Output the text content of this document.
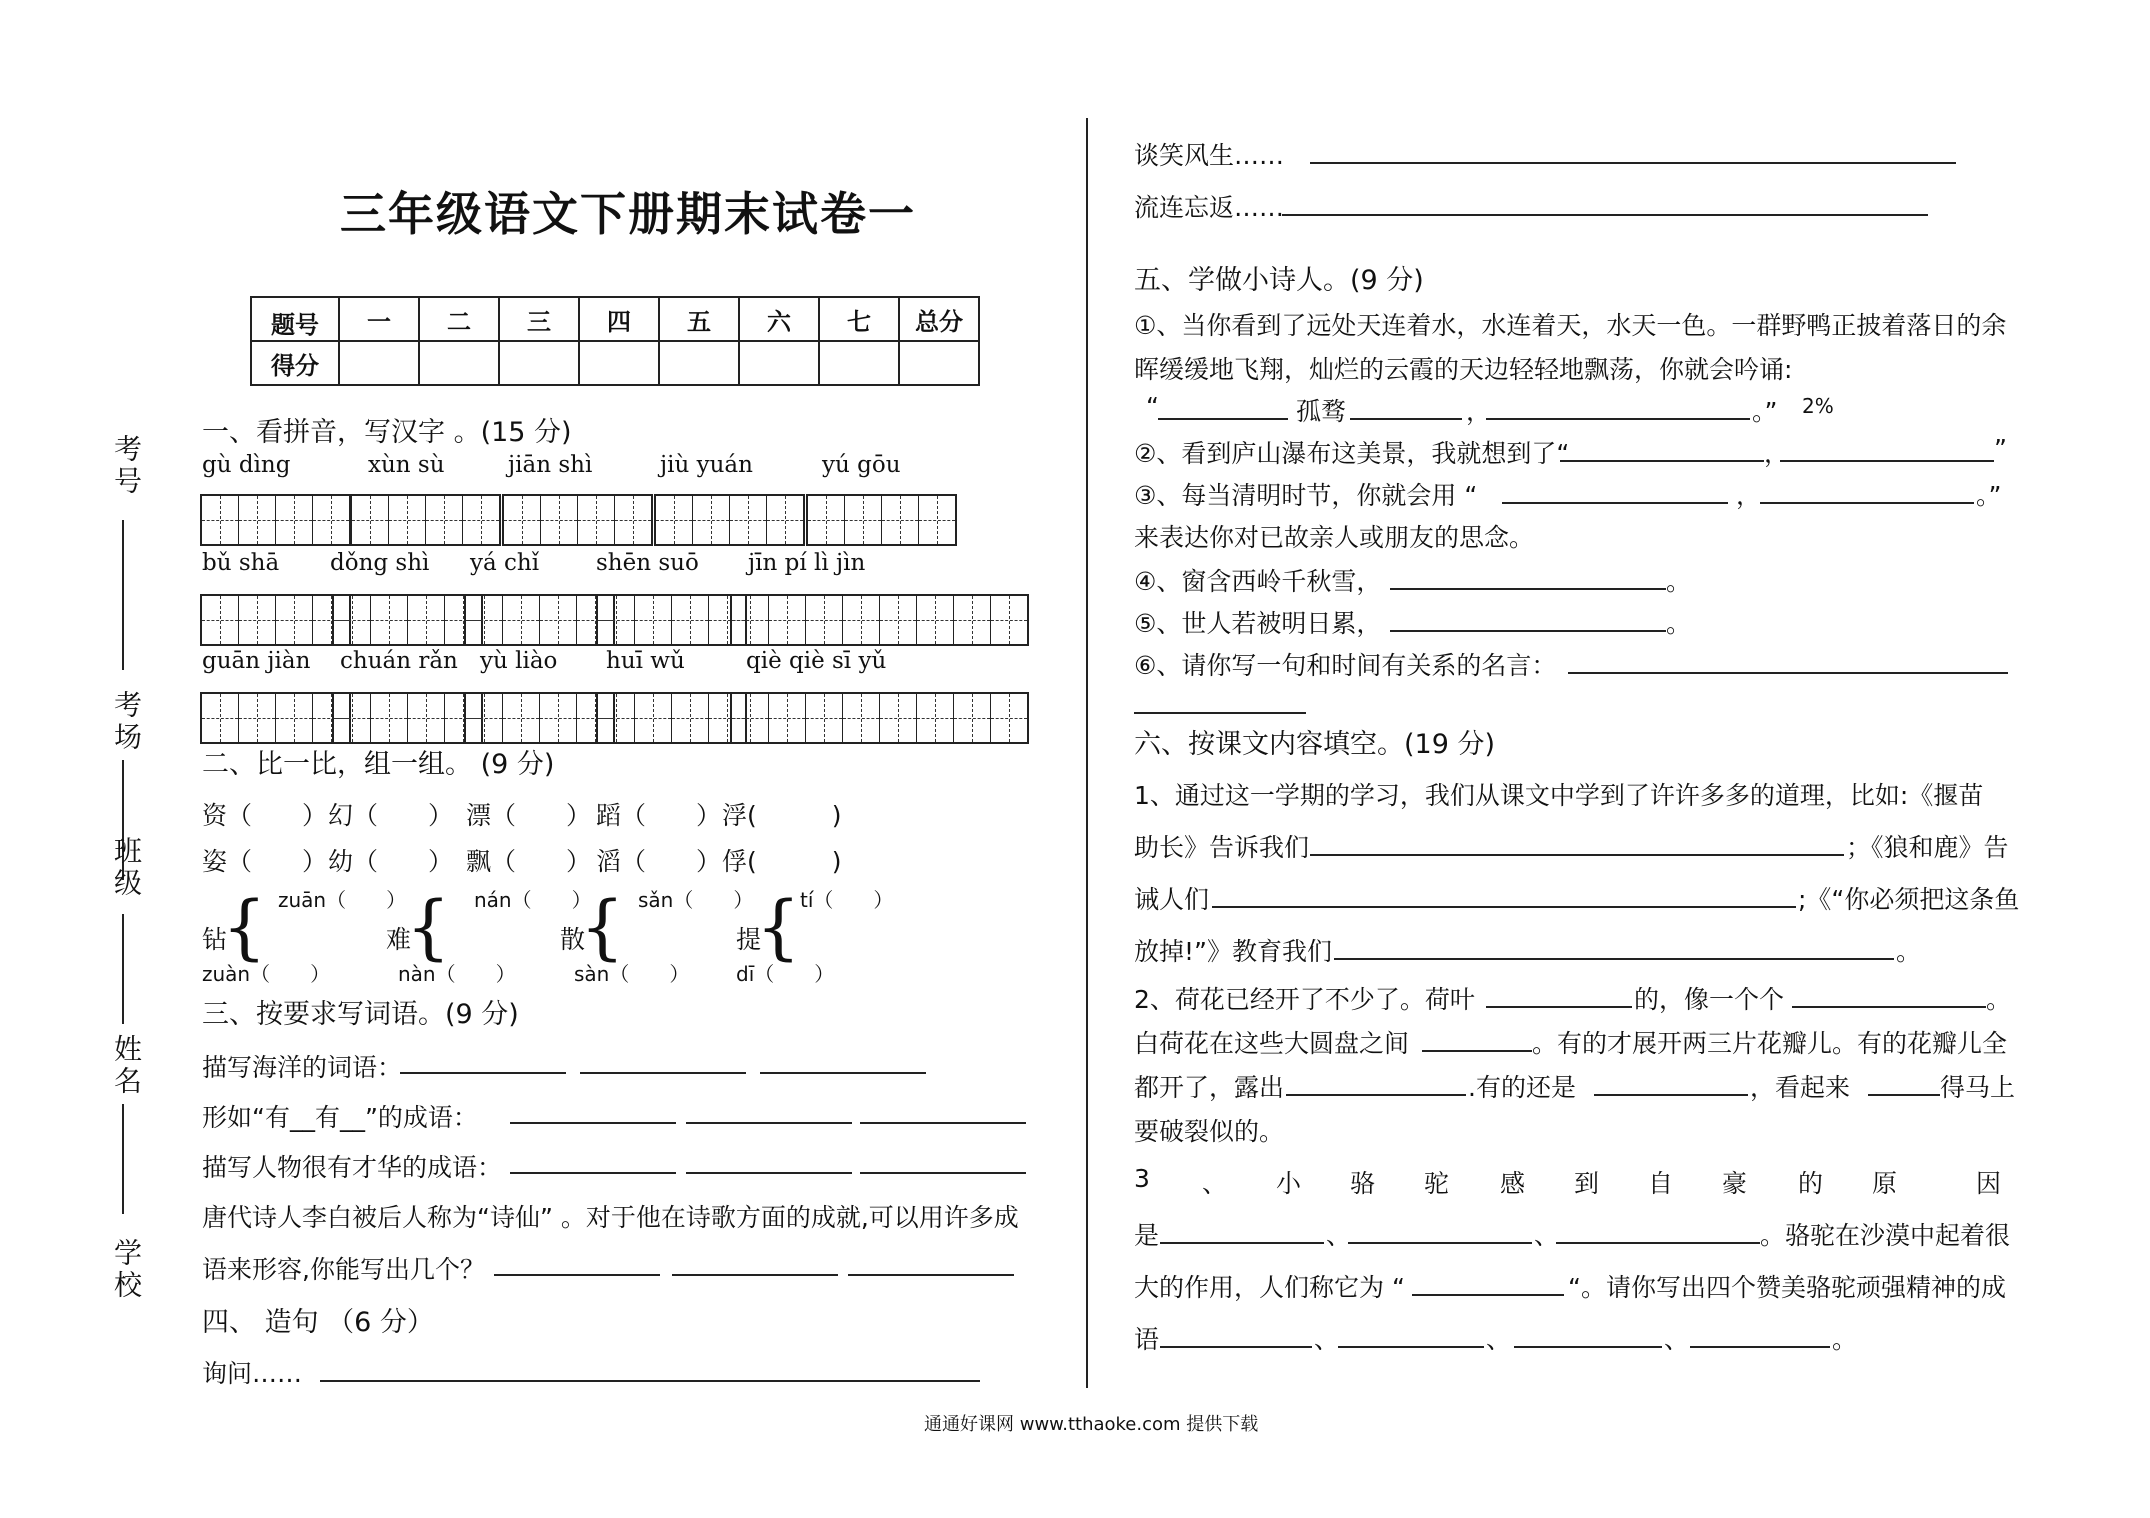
考号
考场
班级
姓名
学校
三年级语文下册期末试卷一
题号	一	二	三	四	五	六	七	总分
得分								
一、看拼音，写汉字 。(15 分)
gù dìng	xùn sù	jiān shì	jiù yuán	yú gōu
bǔ shā dǒng shì yá chǐ shēn suō jīn pí lì jìn
guān jiàn chuán rǎn yù liào huī wǔ	qiè qiè sī yǔ
二、比一比，组一组。 (9 分)
资（　　） 幻（　　） 漂（　　） 蹈（　　） 浮(　　　)
姿（　　） 幼（　　） 飘（　　） 滔（　　） 俘(　　　)
钻
{ zuān（　　）
zuàn（　　）
难
{ nán（　　）
nàn（　　）
散
{ sǎn（　　）
sàn（　　）
提
{ tí（　　）
dī（　　）
三、按要求写词语。(9 分)
描写海洋的词语：
形如“有__有__”的成语：
描写人物很有才华的成语：
唐代诗人李白被后人称为“诗仙” 。对于他在诗歌方面的成就,可以用许多成
语来形容,你能写出几个？
四、 造句 （6 分）
询问……
谈笑风生……
流连忘返……
五、学做小诗人。(9 分)
①、当你看到了远处天连着水，水连着天，水天一色。一群野鸭正披着落日的余
晖缓缓地飞翔，灿烂的云霞的天边轻轻地飘荡，你就会吟诵:
“	孤骛	，	。” 2%
②、看到庐山瀑布这美景，我就想到了“	，	”
③、每当清明时节，你就会用 “	，	。”
来表达你对已故亲人或朋友的思念。
④、窗含西岭千秋雪，	。
⑤、世人若被明日累，	。
⑥、请你写一句和时间有关系的名言：
六、按课文内容填空。(19 分)
1、通过这一学期的学习，我们从课文中学到了许许多多的道理，比如:《揠苗
助长》告诉我们	；《狼和鹿》告
诫人们	;《“你必须把这条鱼
放掉!”》教育我们	。
2、荷花已经开了不少了。荷叶	的，像一个个	。
白荷花在这些大圆盘之间	。有的才展开两三片花瓣儿。有的花瓣儿全
都开了，露出	.有的还是	，看起来	得马上
要破裂似的。
3 、 小 骆 驼 感 到 自 豪 的 原	因
是	、	、	。骆驼在沙漠中起着很
大的作用，人们称它为 “	“。请你写出四个赞美骆驼顽强精神的成
语	、	、	、	。
通通好课网 www.tthaoke.com 提供下载
